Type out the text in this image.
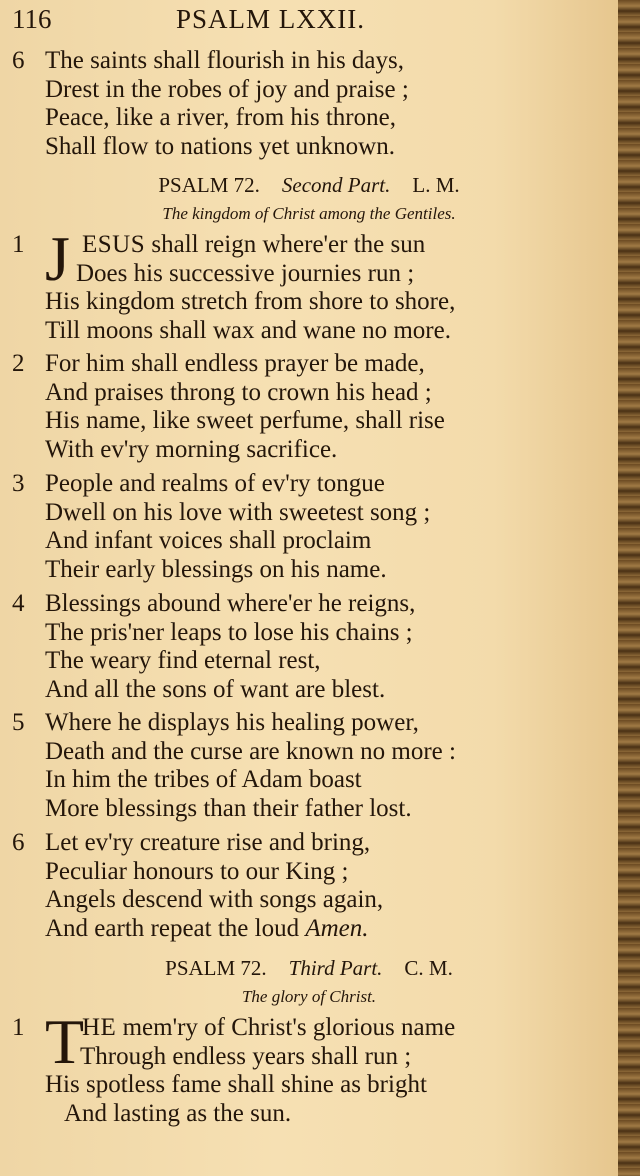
116	PSALM LXXII.
6 The saints shall flourish in his days,
Drest in the robes of joy and praise ;
Peace, like a river, from his throne,
Shall flow to nations yet unknown.
PSALM 72. Second Part. L. M.
The kingdom of Christ among the Gentiles.
1 J ESUS shall reign where'er the sun
Does his successive journies run ;
His kingdom stretch from shore to shore,
Till moons shall wax and wane no more.
2 For him shall endless prayer be made,
And praises throng to crown his head ;
His name, like sweet perfume, shall rise
With ev'ry morning sacrifice.
3 People and realms of ev'ry tongue
Dwell on his love with sweetest song ;
And infant voices shall proclaim
Their early blessings on his name.
4 Blessings abound where'er he reigns,
The pris'ner leaps to lose his chains ;
The weary find eternal rest,
And all the sons of want are blest.
5 Where he displays his healing power,
Death and the curse are known no more :
In him the tribes of Adam boast
More blessings than their father lost.
6 Let ev'ry creature rise and bring,
Peculiar honours to our King ;
Angels descend with songs again,
And earth repeat the loud Amen.
PSALM 72. Third Part. C. M.
The glory of Christ.
1 T
HE mem'ry of Christ's glorious name
Through endless years shall run ;
His spotless fame shall shine as bright
And lasting as the sun.
